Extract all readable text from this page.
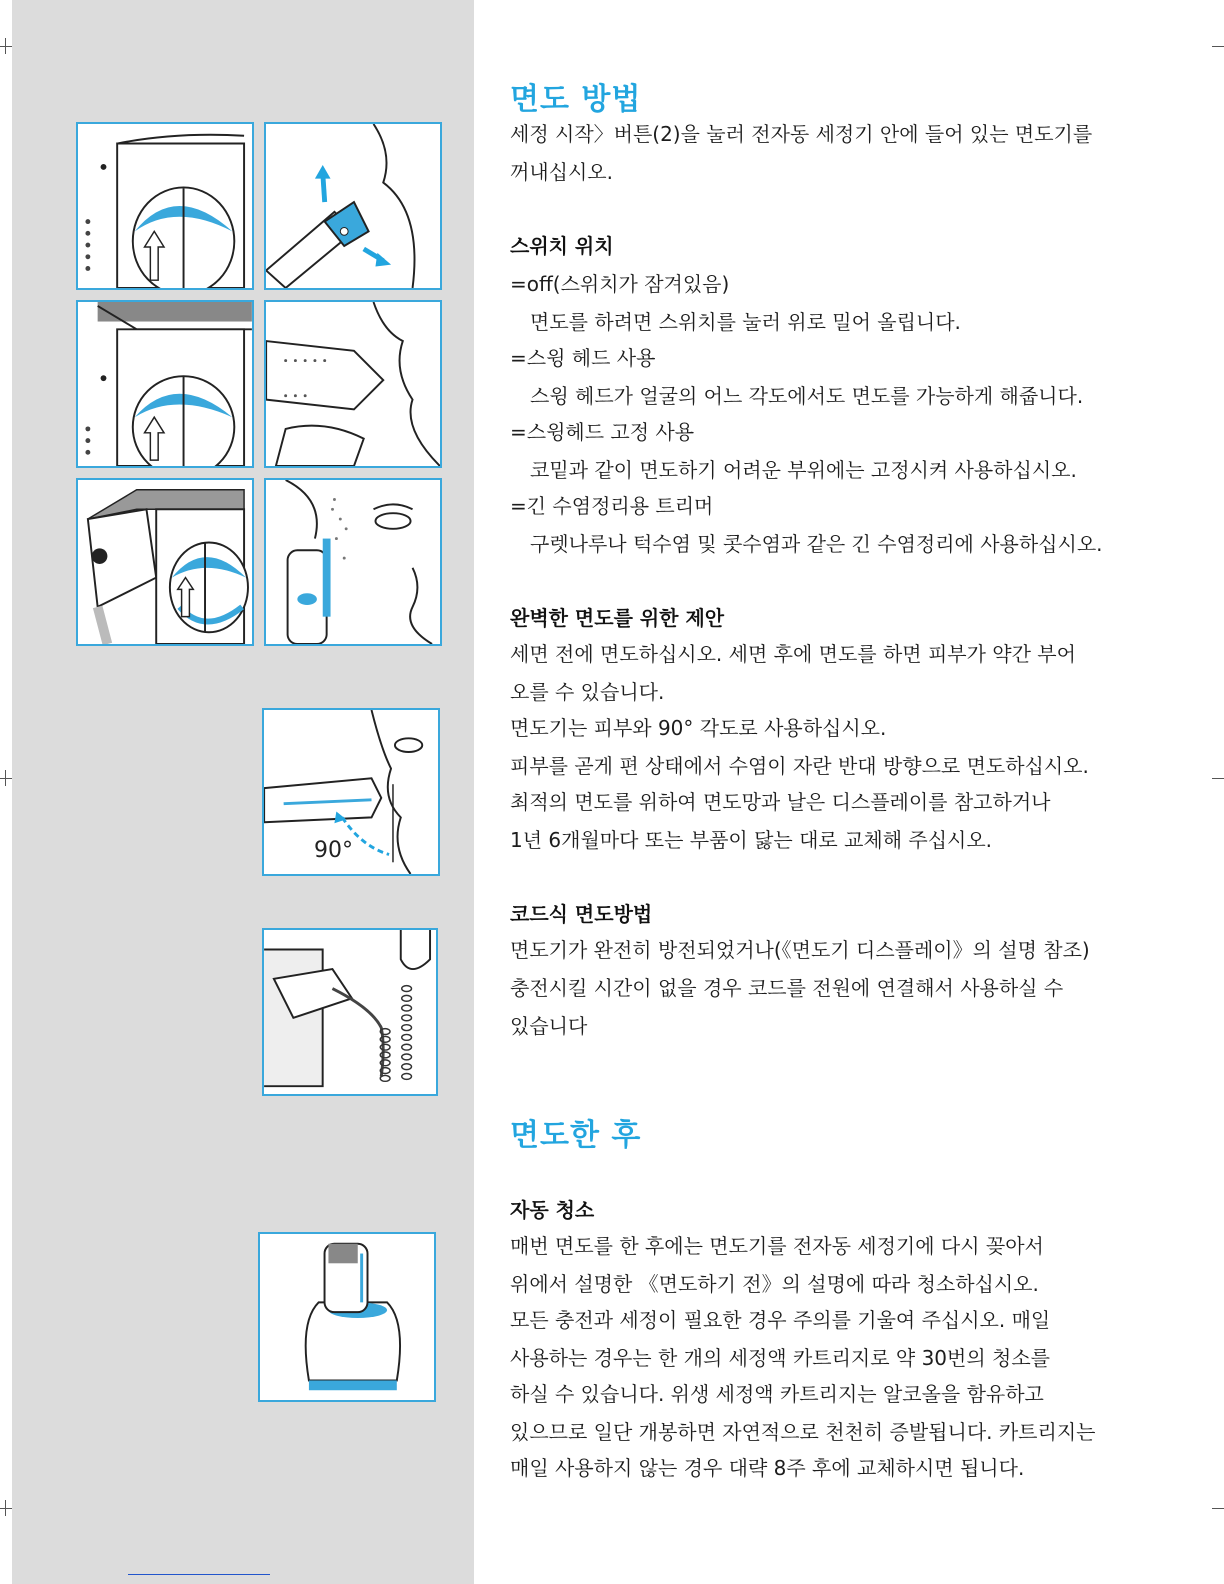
90°
면도 방법
세정 시작〉버튼(2)을 눌러 전자동 세정기 안에 들어 있는 면도기를
꺼내십시오.
스위치 위치
=off(스위치가 잠겨있음)
면도를 하려면 스위치를 눌러 위로 밀어 올립니다.
=스윙 헤드 사용
스윙 헤드가 얼굴의 어느 각도에서도 면도를 가능하게 해줍니다.
=스윙헤드 고정 사용
코밑과 같이 면도하기 어려운 부위에는 고정시켜 사용하십시오.
=긴 수염정리용 트리머
구렛나루나 턱수염 및 콧수염과 같은 긴 수염정리에 사용하십시오.
완벽한 면도를 위한 제안
세면 전에 면도하십시오. 세면 후에 면도를 하면 피부가 약간 부어
오를 수 있습니다.
면도기는 피부와 90° 각도로 사용하십시오.
피부를 곧게 편 상태에서 수염이 자란 반대 방향으로 면도하십시오.
최적의 면도를 위하여 면도망과 날은 디스플레이를 참고하거나
1년 6개월마다 또는 부품이 닳는 대로 교체해 주십시오.
코드식 면도방법
면도기가 완전히 방전되었거나(《면도기 디스플레이》의 설명 참조)
충전시킬 시간이 없을 경우 코드를 전원에 연결해서 사용하실 수
있습니다
면도한 후
자동 청소
매번 면도를 한 후에는 면도기를 전자동 세정기에 다시 꽂아서
위에서 설명한 《면도하기 전》의 설명에 따라 청소하십시오.
모든 충전과 세정이 필요한 경우 주의를 기울여 주십시오. 매일
사용하는 경우는 한 개의 세정액 카트리지로 약 30번의 청소를
하실 수 있습니다. 위생 세정액 카트리지는 알코올을 함유하고
있으므로 일단 개봉하면 자연적으로 천천히 증발됩니다. 카트리지는
매일 사용하지 않는 경우 대략 8주 후에 교체하시면 됩니다.
